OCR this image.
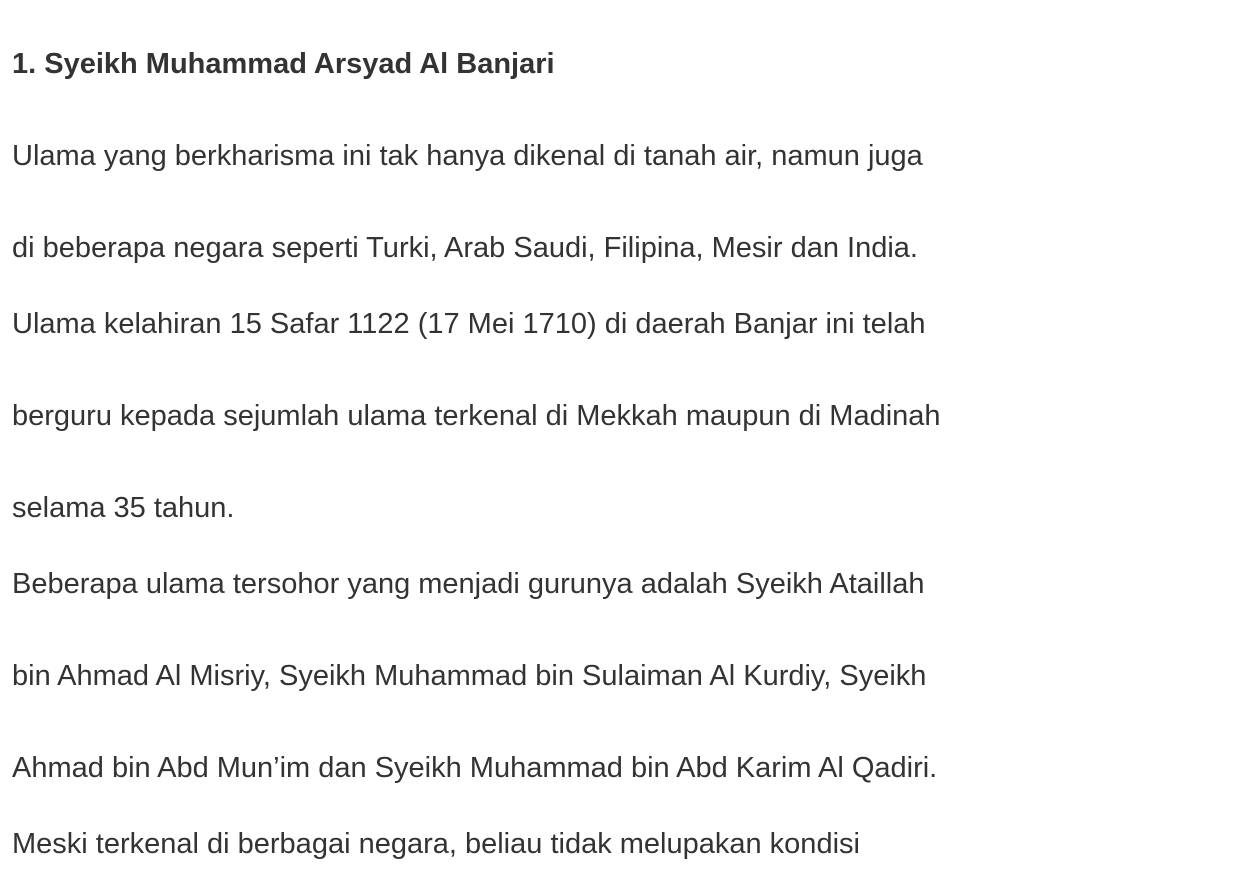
1. Syeikh Muhammad Arsyad Al Banjari

Ulama yang berkharisma ini tak hanya dikenal di tanah air, namun juga

di beberapa negara seperti Turki, Arab Saudi, Filipina, Mesir dan India.

Ulama kelahiran 15 Safar 1122 (17 Mei 1710) di daerah Banjar ini telah

berguru kepada sejumlah ulama terkenal di Mekkah maupun di Madinah

selama 35 tahun.

Beberapa ulama tersohor yang menjadi gurunya adalah Syeikh Ataillah

bin Ahmad Al Misriy, Syeikh Muhammad bin Sulaiman Al Kurdiy, Syeikh

Ahmad bin Abd Mun’im dan Syeikh Muhammad bin Abd Karim Al Qadiri.

Meski terkenal di berbagai negara, beliau tidak melupakan kondisi
